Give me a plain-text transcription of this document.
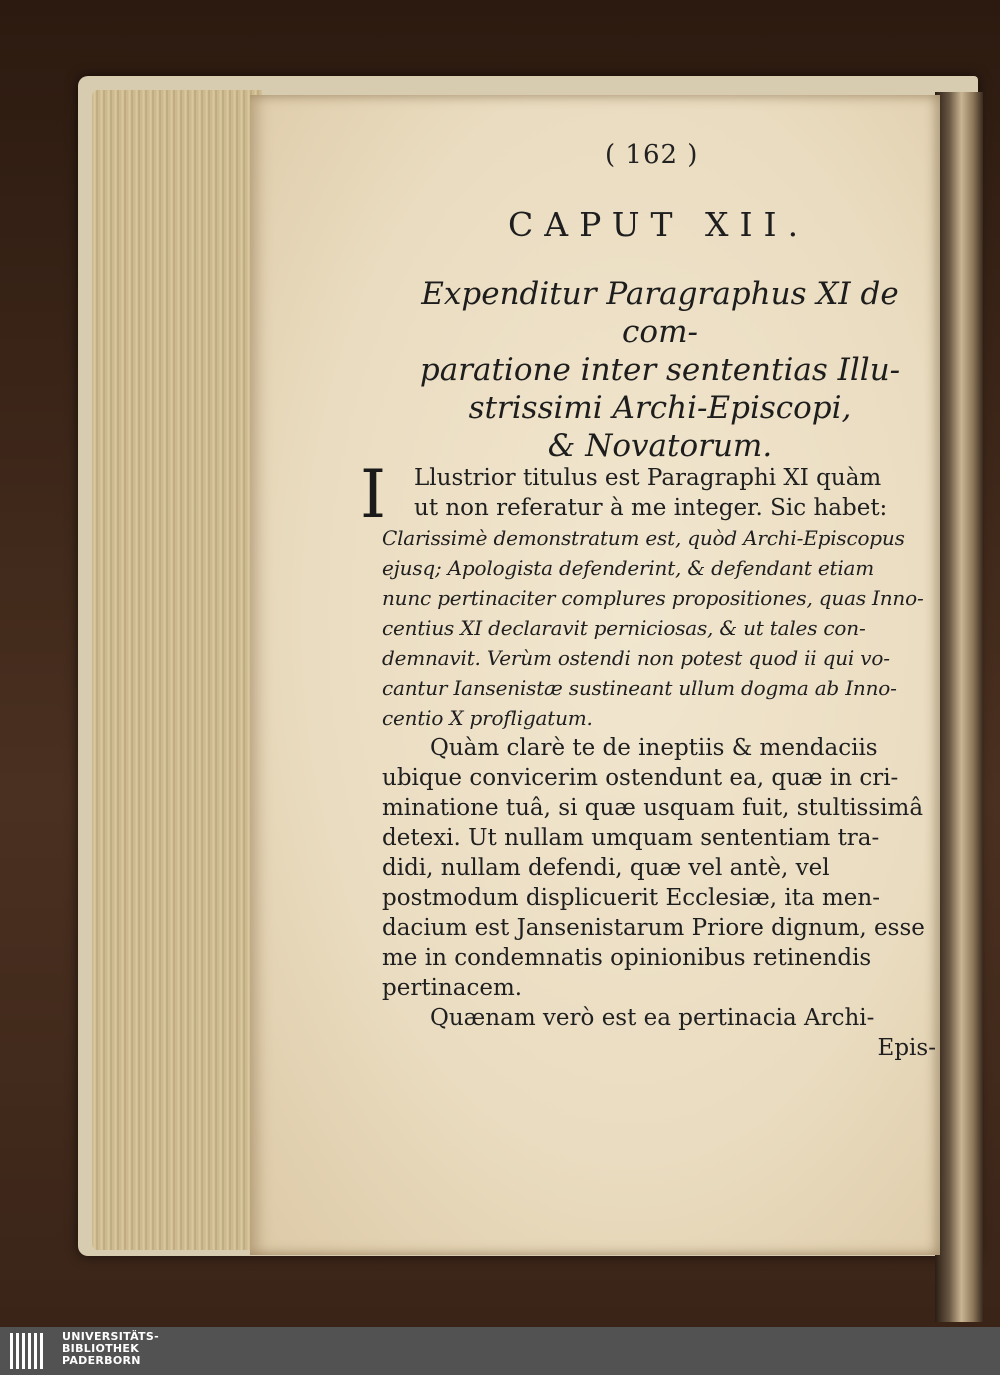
( 162 )
CAPUT XII.
Expenditur Paragraphus XI de com-
paratione inter sententias Illu-
strissimi Archi-Episcopi,
& Novatorum.
I Llustrior titulus est Paragraphi XI quàm
ut non referatur à me integer. Sic habet:
Clarissimè demonstratum est, quòd Archi-Episcopus
ejusq; Apologista defenderint, & defendant etiam
nunc pertinaciter complures propositiones, quas Inno-
centius XI declaravit perniciosas, & ut tales con-
demnavit. Verùm ostendi non potest quod ii qui vo-
cantur Iansenistæ sustineant ullum dogma ab Inno-
centio X profligatum.
Quàm clarè te de ineptiis & mendaciis
ubique convicerim ostendunt ea, quæ in cri-
minatione tuâ, si quæ usquam fuit, stultissimâ
detexi. Ut nullam umquam sententiam tra-
didi, nullam defendi, quæ vel antè, vel
postmodum displicuerit Ecclesiæ, ita men-
dacium est Jansenistarum Priore dignum, esse
me in condemnatis opinionibus retinendis
pertinacem.
Quænam verò est ea pertinacia Archi-
Epis-
UNIVERSITÄTS-
BIBLIOTHEK
PADERBORN
